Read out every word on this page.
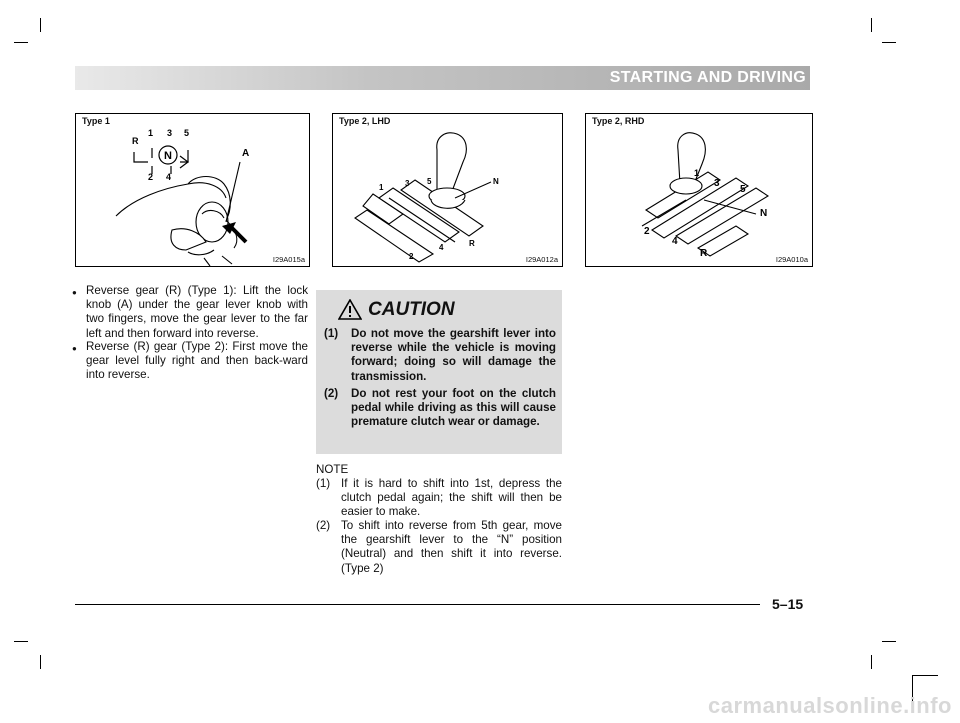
STARTING AND DRIVING
Type 1
N
R
1 3 5
2 4
A
I29A015a
Type 2, LHD
1	3 5	N
2
4	R
I29A012a
Type 2, RHD
1
3
5
N
2
4
R
I29A010a
● Reverse gear (R) (Type 1): Lift the lock knob (A) under the gear lever knob with two fingers, move the gear lever to the far left and then forward into reverse.
● Reverse (R) gear (Type 2): First move the gear level fully right and then back-ward into reverse.
CAUTION
(1) Do not move the gearshift lever into reverse while the vehicle is moving forward; doing so will damage the transmission.
(2) Do not rest your foot on the clutch pedal while driving as this will cause premature clutch wear or damage.
NOTE
(1) If it is hard to shift into 1st, depress the clutch pedal again; the shift will then be easier to make.
(2) To shift into reverse from 5th gear, move the gearshift lever to the “N” position (Neutral) and then shift it into reverse. (Type 2)
5–15
carmanualsonline.info
